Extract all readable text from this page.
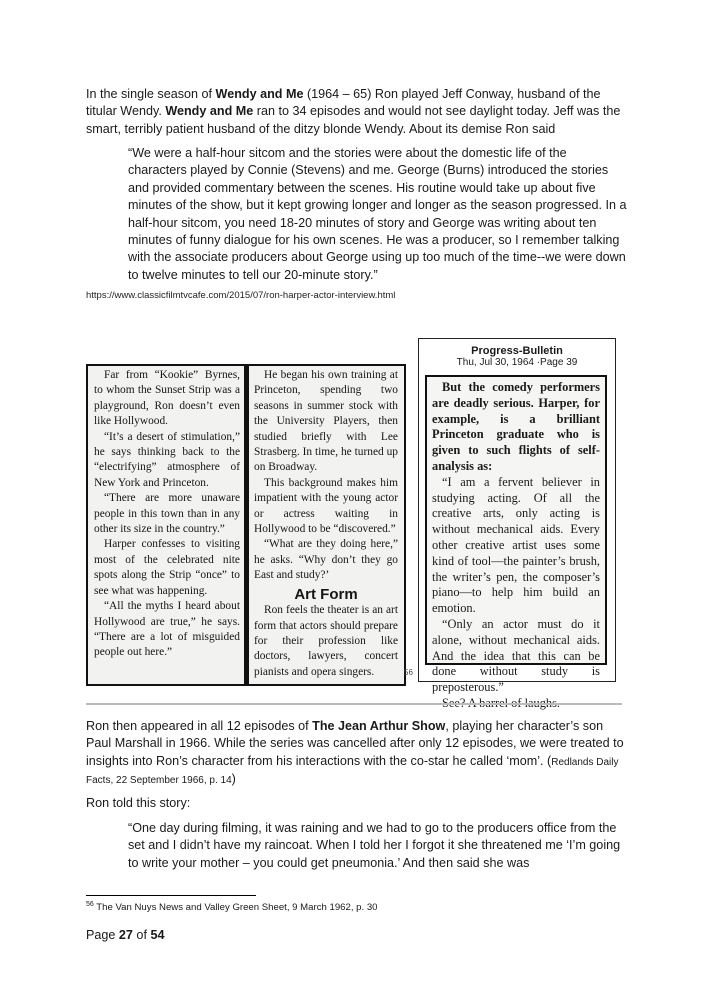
In the single season of Wendy and Me (1964 – 65) Ron played Jeff Conway, husband of the titular Wendy. Wendy and Me ran to 34 episodes and would not see daylight today. Jeff was the smart, terribly patient husband of the ditzy blonde Wendy. About its demise Ron said
“We were a half-hour sitcom and the stories were about the domestic life of the characters played by Connie (Stevens) and me. George (Burns) introduced the stories and provided commentary between the scenes. His routine would take up about five minutes of the show, but it kept growing longer and longer as the season progressed. In a half-hour sitcom, you need 18-20 minutes of story and George was writing about ten minutes of funny dialogue for his own scenes. He was a producer, so I remember talking with the associate producers about George using up too much of the time--we were down to twelve minutes to tell our 20-minute story.”
https://www.classicfilmtvcafe.com/2015/07/ron-harper-actor-interview.html

Far from “Kookie” Byrnes, to whom the Sunset Strip was a playground, Ron doesn’t even like Hollywood.

“It’s a desert of stimulation,” he says thinking back to the “electrifying” atmosphere of New York and Princeton.

“There are more unaware people in this town than in any other its size in the country.”

Harper confesses to visiting most of the celebrated nite spots along the Strip “once” to see what was happening.

“All the myths I heard about Hollywood are true,” he says. “There are a lot of misguided people out here.”

He began his own training at Princeton, spending two seasons in summer stock with the University Players, then studied briefly with Lee Strasberg. In time, he turned up on Broadway.

This background makes him impatient with the young actor or actress waiting in Hollywood to be “discovered.”

“What are they doing here,” he asks. “Why don’t they go East and study?’

Art Form

Ron feels the theater is an art form that actors should prepare for their profession like doctors, lawyers, concert pianists and opera singers.	56
Progress-Bulletin
Thu, Jul 30, 1964 ·Page 39

But the comedy performers are deadly serious. Harper, for example, is a brilliant Princeton graduate who is given to such flights of self-analysis as:

“I am a fervent believer in studying acting. Of all the creative arts, only acting is without mechanical aids. Every other creative artist uses some kind of tool—the painter’s brush, the writer’s pen, the composer’s piano—to help him build an emotion.

“Only an actor must do it alone, without mechanical aids. And the idea that this can be done without study is preposterous.”

Ron then appeared in all 12 episodes of The Jean Arthur Show, playing her character’s son Paul Marshall in 1966. While the series was cancelled after only 12 episodes, we were treated to insights into Ron’s character from his interactions with the co-star he called ‘mom’. (Redlands Daily Facts, 22 September 1966, p. 14)
Ron told this story:
“One day during filming, it was raining and we had to go to the producers office from the set and I didn’t have my raincoat. When I told her I forgot it she threatened me ‘I’m going to write your mother – you could get pneumonia.’ And then said she was
$^{56}$ The Van Nuys News and Valley Green Sheet, 9 March 1962, p. 30
Page 27 of 54
